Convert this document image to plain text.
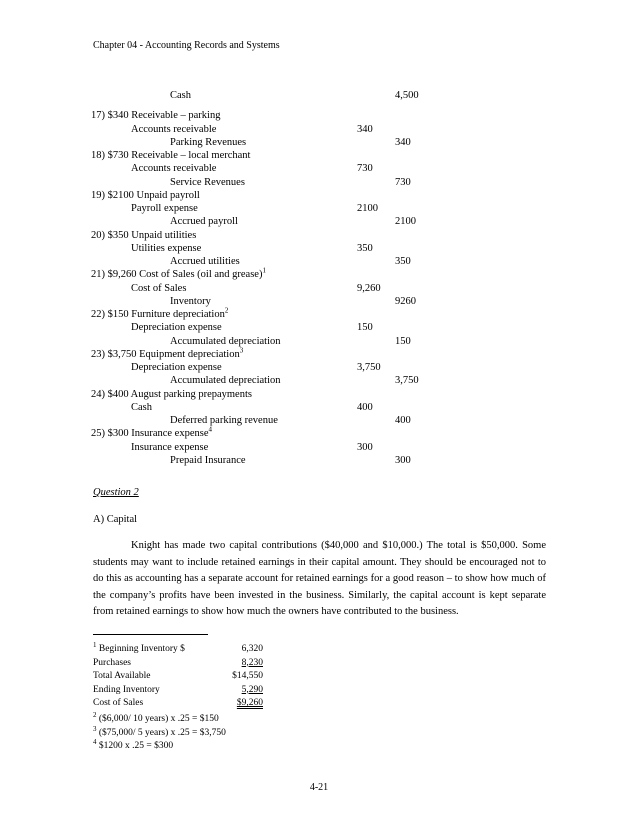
Chapter 04 - Accounting Records and Systems
Cash	4,500
17) $340 Receivable – parking
Accounts receivable	340
Parking Revenues	340
18) $730 Receivable – local merchant
Accounts receivable	730
Service Revenues	730
19) $2100 Unpaid payroll
Payroll expense	2100
Accrued payroll	2100
20) $350 Unpaid utilities
Utilities expense	350
Accrued utilities	350
21) $9,260 Cost of Sales (oil and grease)$^1$
Cost of Sales	9,260
Inventory	9260
22) $150 Furniture depreciation$^2$
Depreciation expense	150
Accumulated depreciation	150
23) $3,750 Equipment depreciation$^3$
Depreciation expense	3,750
Accumulated depreciation	3,750
24) $400 August parking prepayments
Cash	400
Deferred parking revenue	400
25) $300 Insurance expense$^4$
Insurance expense	300
Prepaid Insurance	300
Question 2
A) Capital

Knight has made two capital contributions ($40,000 and $10,000.) The total is $50,000. Some students may want to include retained earnings in their capital amount. They should be encouraged not to do this as accounting has a separate account for retained earnings for a good reason – to show how much of the company’s profits have been invested in the business. Similarly, the capital account is kept separate from retained earnings to show how much the owners have contributed to the business.

$^1$ Beginning Inventory $	6,320
Purchases	8,230
Total Available	$14,550
Ending Inventory	5,290
Cost of Sales	$9,260
$^2$ ($6,000/ 10 years) x .25 = $150
$^3$ ($75,000/ 5 years) x .25 = $3,750
$^4$ $1200 x .25 = $300
4-21
